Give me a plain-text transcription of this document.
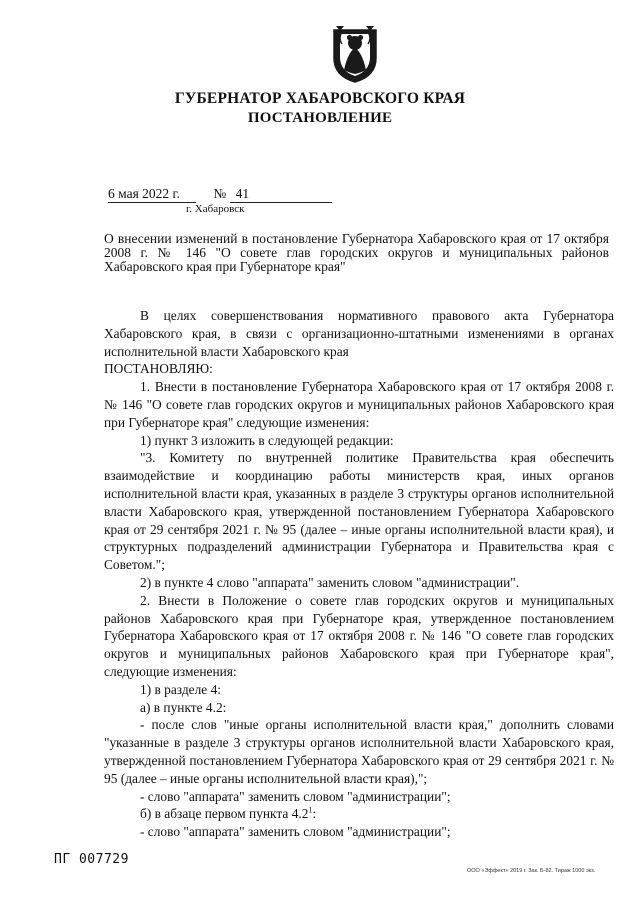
ГУБЕРНАТОР ХАБАРОВСКОГО КРАЯ
ПОСТАНОВЛЕНИЕ
6 мая 2022 г. № 41
г. Хабаровск
О внесении изменений в постановление Губернатора Хабаровского края от 17 октября 2008 г. № 146 "О совете глав городских округов и муниципальных районов Хабаровского края при Губернаторе края"

В целях совершенствования нормативного правового акта Губернатора Хабаровского края, в связи с организационно-штатными изменениями в органах исполнительной власти Хабаровского края

ПОСТАНОВЛЯЮ:

1. Внести в постановление Губернатора Хабаровского края от 17 октября 2008 г. № 146 "О совете глав городских округов и муниципальных районов Хабаровского края при Губернаторе края" следующие изменения:

1) пункт 3 изложить в следующей редакции:

"3. Комитету по внутренней политике Правительства края обеспечить взаимодействие и координацию работы министерств края, иных органов исполнительной власти края, указанных в разделе 3 структуры органов исполнительной власти Хабаровского края, утвержденной постановлением Губернатора Хабаровского края от 29 сентября 2021 г. № 95 (далее – иные органы исполнительной власти края), и структурных подразделений администрации Губернатора и Правительства края с Советом.";

2) в пункте 4 слово "аппарата" заменить словом "администрации".

2. Внести в Положение о совете глав городских округов и муниципальных районов Хабаровского края при Губернаторе края, утвержденное постановлением Губернатора Хабаровского края от 17 октября 2008 г. № 146 "О совете глав городских округов и муниципальных районов Хабаровского края при Губернаторе края", следующие изменения:

1) в разделе 4:

а) в пункте 4.2:

- после слов "иные органы исполнительной власти края," дополнить словами "указанные в разделе 3 структуры органов исполнительной власти Хабаровского края, утвержденной постановлением Губернатора Хабаровского края от 29 сентября 2021 г. № 95 (далее – иные органы исполнительной власти края),";

- слово "аппарата" заменить словом "администрации";

б) в абзаце первом пункта $4.2^1$:

- слово "аппарата" заменить словом "администрации";

ПГ 007729
ООО «Эффект» 2019 г. Зак. Б-82. Тираж 1000 экз.
